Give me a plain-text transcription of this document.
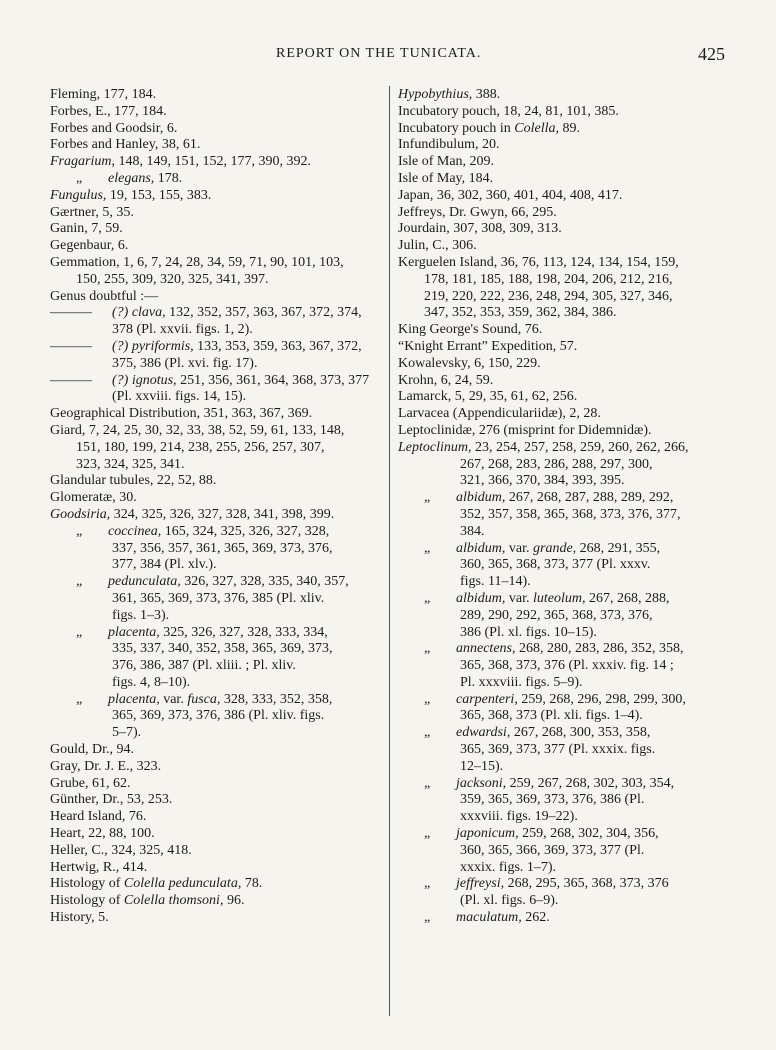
REPORT ON THE TUNICATA.	425
Fleming, 177, 184.
Forbes, E., 177, 184.
Forbes and Goodsir, 6.
Forbes and Hanley, 38, 61.
Fragarium, 148, 149, 151, 152, 177, 390, 392.
„ elegans, 178.
Fungulus, 19, 153, 155, 383.
Gærtner, 5, 35.
Ganin, 7, 59.
Gegenbaur, 6.
Gemmation, 1, 6, 7, 24, 28, 34, 59, 71, 90, 101, 103,
150, 255, 309, 320, 325, 341, 397.
Genus doubtful :—
——— (?) clava, 132, 352, 357, 363, 367, 372, 374,
378 (Pl. xxvii. figs. 1, 2).
——— (?) pyriformis, 133, 353, 359, 363, 367, 372,
375, 386 (Pl. xvi. fig. 17).
——— (?) ignotus, 251, 356, 361, 364, 368, 373, 377
(Pl. xxviii. figs. 14, 15).
Geographical Distribution, 351, 363, 367, 369.
Giard, 7, 24, 25, 30, 32, 33, 38, 52, 59, 61, 133, 148,
151, 180, 199, 214, 238, 255, 256, 257, 307,
323, 324, 325, 341.
Glandular tubules, 22, 52, 88.
Glomeratæ, 30.
Goodsiria, 324, 325, 326, 327, 328, 341, 398, 399.
„ coccinea, 165, 324, 325, 326, 327, 328,
337, 356, 357, 361, 365, 369, 373, 376,
377, 384 (Pl. xlv.).
„ pedunculata, 326, 327, 328, 335, 340, 357,
361, 365, 369, 373, 376, 385 (Pl. xliv.
figs. 1–3).
„ placenta, 325, 326, 327, 328, 333, 334,
335, 337, 340, 352, 358, 365, 369, 373,
376, 386, 387 (Pl. xliii. ; Pl. xliv.
figs. 4, 8–10).
„ placenta, var. fusca, 328, 333, 352, 358,
365, 369, 373, 376, 386 (Pl. xliv. figs.
5–7).
Gould, Dr., 94.
Gray, Dr. J. E., 323.
Grube, 61, 62.
Günther, Dr., 53, 253.
Heard Island, 76.
Heart, 22, 88, 100.
Heller, C., 324, 325, 418.
Hertwig, R., 414.
Histology of Colella pedunculata, 78.
Histology of Colella thomsoni, 96.
History, 5.
Hypobythius, 388.
Incubatory pouch, 18, 24, 81, 101, 385.
Incubatory pouch in Colella, 89.
Infundibulum, 20.
Isle of Man, 209.
Isle of May, 184.
Japan, 36, 302, 360, 401, 404, 408, 417.
Jeffreys, Dr. Gwyn, 66, 295.
Jourdain, 307, 308, 309, 313.
Julin, C., 306.
Kerguelen Island, 36, 76, 113, 124, 134, 154, 159,
178, 181, 185, 188, 198, 204, 206, 212, 216,
219, 220, 222, 236, 248, 294, 305, 327, 346,
347, 352, 353, 359, 362, 384, 386.
King George's Sound, 76.
“Knight Errant” Expedition, 57.
Kowalevsky, 6, 150, 229.
Krohn, 6, 24, 59.
Lamarck, 5, 29, 35, 61, 62, 256.
Larvacea (Appendiculariidæ), 2, 28.
Leptoclinidæ, 276 (misprint for Didemnidæ).
Leptoclinum, 23, 254, 257, 258, 259, 260, 262, 266,
267, 268, 283, 286, 288, 297, 300,
321, 366, 370, 384, 393, 395.
„ albidum, 267, 268, 287, 288, 289, 292,
352, 357, 358, 365, 368, 373, 376, 377,
384.
„ albidum, var. grande, 268, 291, 355,
360, 365, 368, 373, 377 (Pl. xxxv.
figs. 11–14).
„ albidum, var. luteolum, 267, 268, 288,
289, 290, 292, 365, 368, 373, 376,
386 (Pl. xl. figs. 10–15).
„ annectens, 268, 280, 283, 286, 352, 358,
365, 368, 373, 376 (Pl. xxxiv. fig. 14 ;
Pl. xxxviii. figs. 5–9).
„ carpenteri, 259, 268, 296, 298, 299, 300,
365, 368, 373 (Pl. xli. figs. 1–4).
„ edwardsi, 267, 268, 300, 353, 358,
365, 369, 373, 377 (Pl. xxxix. figs.
12–15).
„ jacksoni, 259, 267, 268, 302, 303, 354,
359, 365, 369, 373, 376, 386 (Pl.
xxxviii. figs. 19–22).
„ japonicum, 259, 268, 302, 304, 356,
360, 365, 366, 369, 373, 377 (Pl.
xxxix. figs. 1–7).
„ jeffreysi, 268, 295, 365, 368, 373, 376
(Pl. xl. figs. 6–9).
„ maculatum, 262.
